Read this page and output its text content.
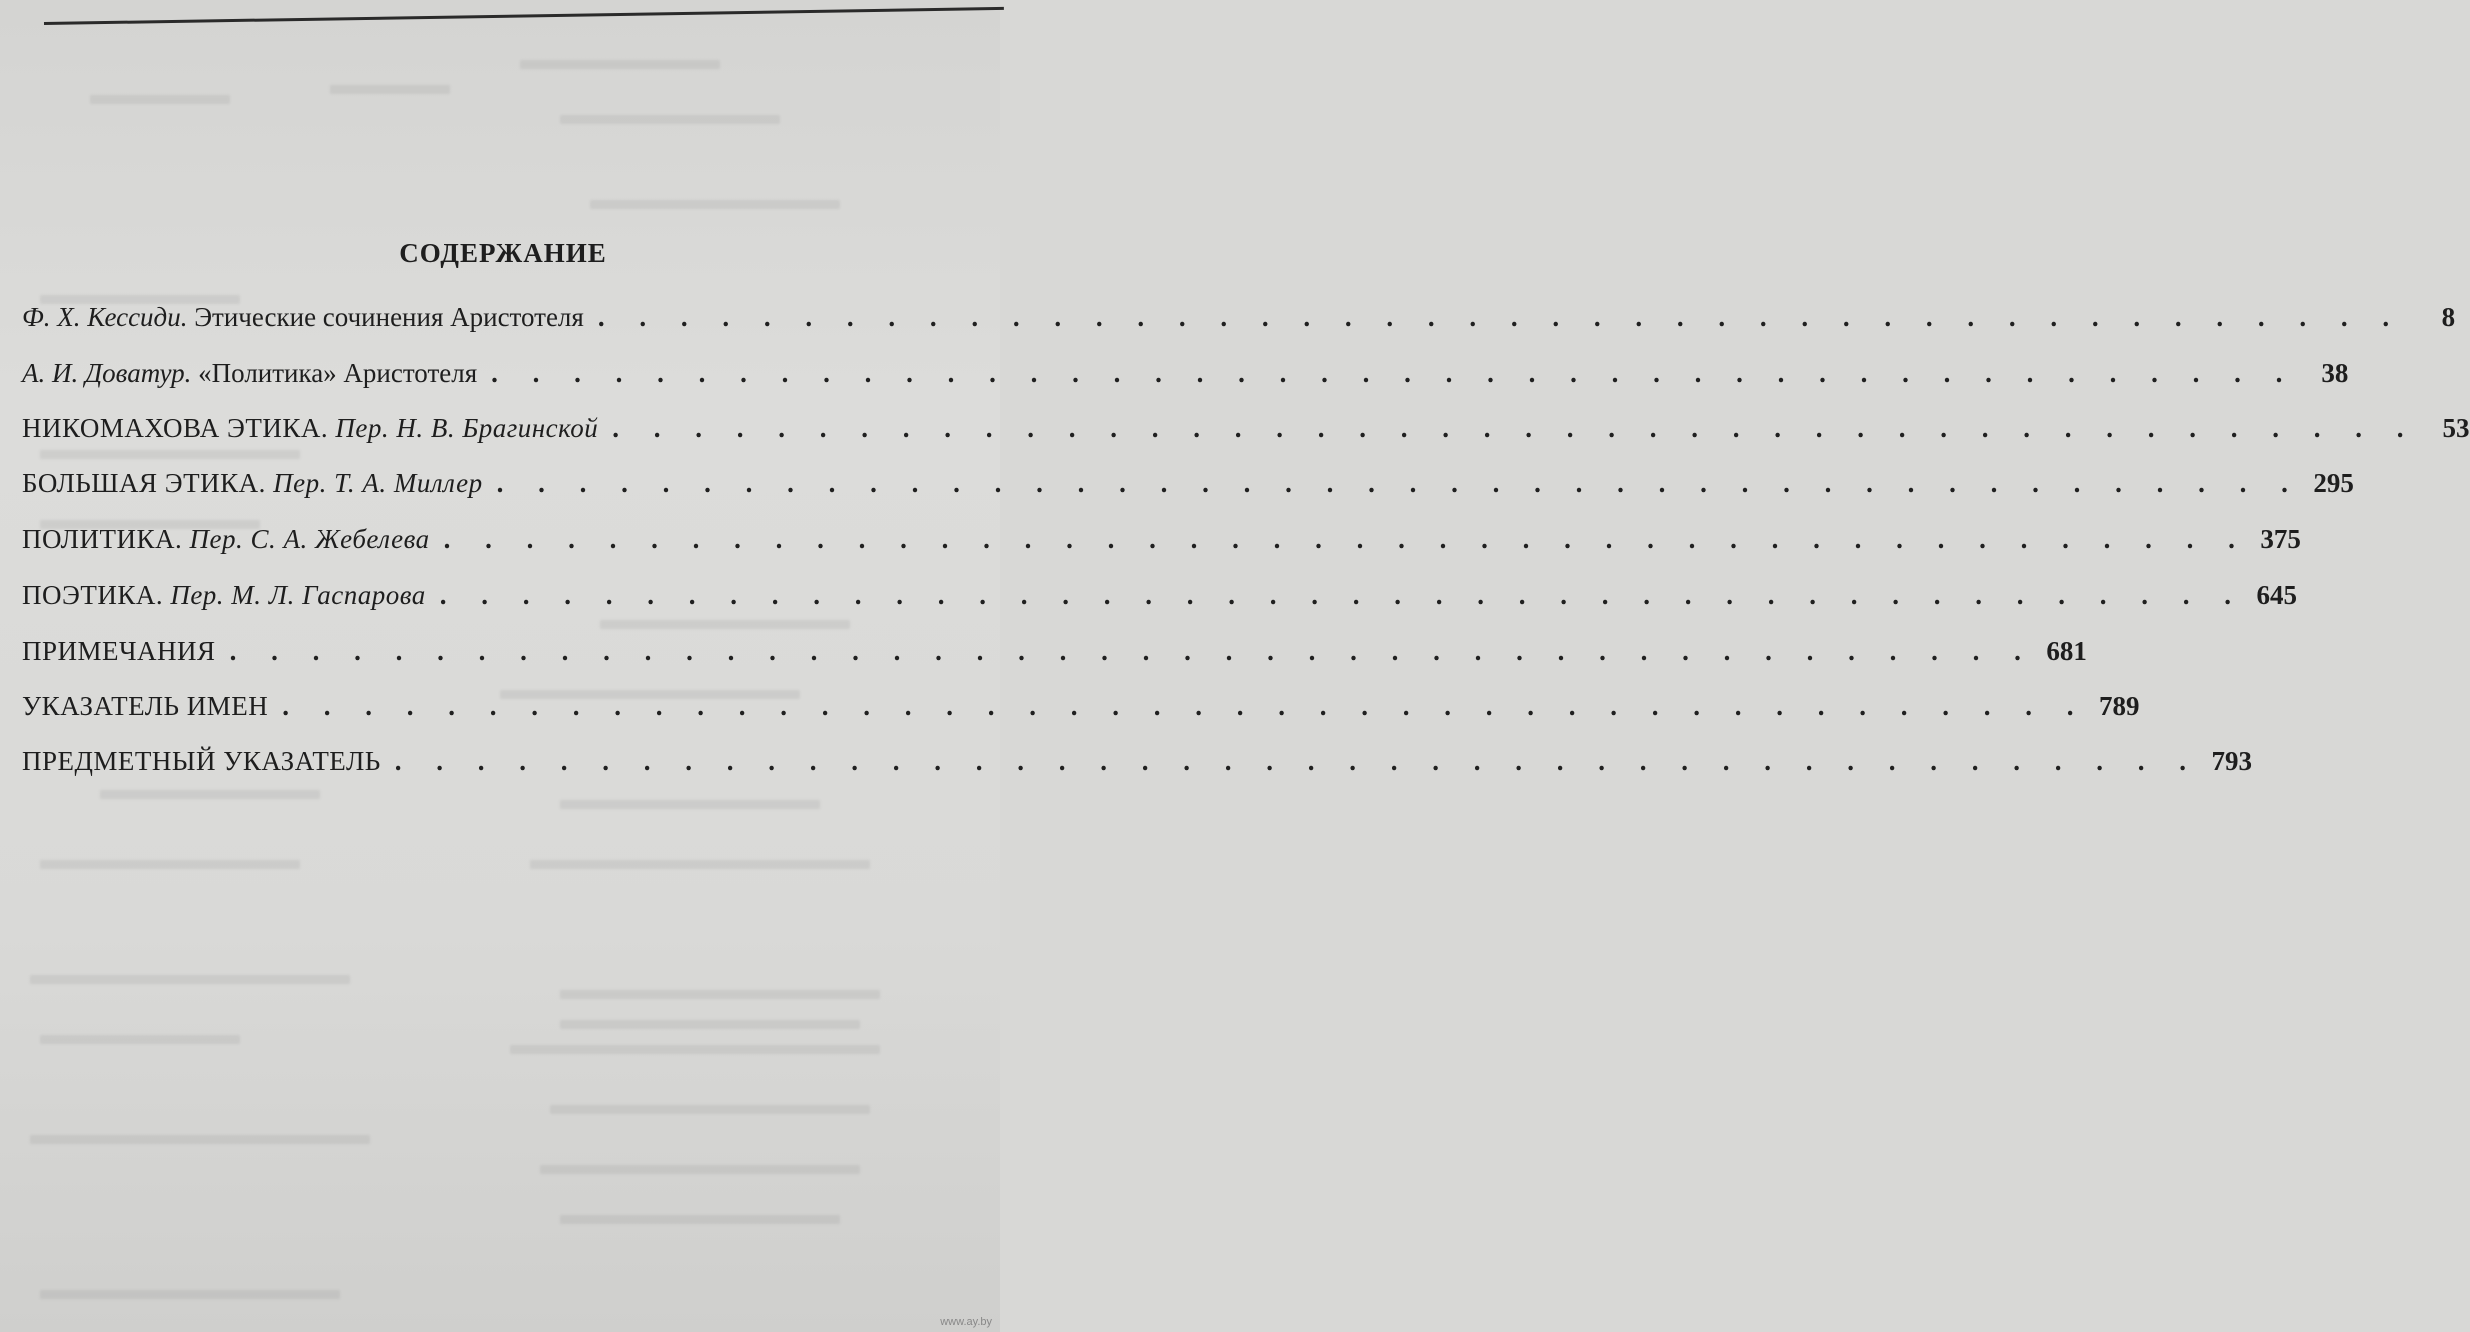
СОДЕРЖАНИЕ
Ф. Х. Кессиди. Этические сочинения Аристотеля . . . . . . . . . . . . . . . . . . . . . . . . . . . . . . . . . . . . . . . . . . . .	8
А. И. Доватур. «Политика» Аристотеля . . . . . . . . . . . . . . . . . . . . . . . . . . . . . . . . . . . . . . . . . . . . 38
НИКОМАХОВА ЭТИКА. Пер. Н. В. Брагинской . . . . . . . . . . . . . . . . . . . . . . . . . . . . . . . . . . . . . . . . . . . . 53
БОЛЬШАЯ ЭТИКА. Пер. Т. А. Миллер . . . . . . . . . . . . . . . . . . . . . . . . . . . . . . . . . . . . . . . . . . . . 295
ПОЛИТИКА. Пер. С. А. Жебелева . . . . . . . . . . . . . . . . . . . . . . . . . . . . . . . . . . . . . . . . . . . . 375
ПОЭТИКА. Пер. М. Л. Гаспарова . . . . . . . . . . . . . . . . . . . . . . . . . . . . . . . . . . . . . . . . . . . . 645
ПРИМЕЧАНИЯ . . . . . . . . . . . . . . . . . . . . . . . . . . . . . . . . . . . . . . . . . . . . 681
УКАЗАТЕЛЬ ИМЕН . . . . . . . . . . . . . . . . . . . . . . . . . . . . . . . . . . . . . . . . . . . . 789
ПРЕДМЕТНЫЙ УКАЗАТЕЛЬ . . . . . . . . . . . . . . . . . . . . . . . . . . . . . . . . . . . . . . . . . . . . 793
www.ay.by
